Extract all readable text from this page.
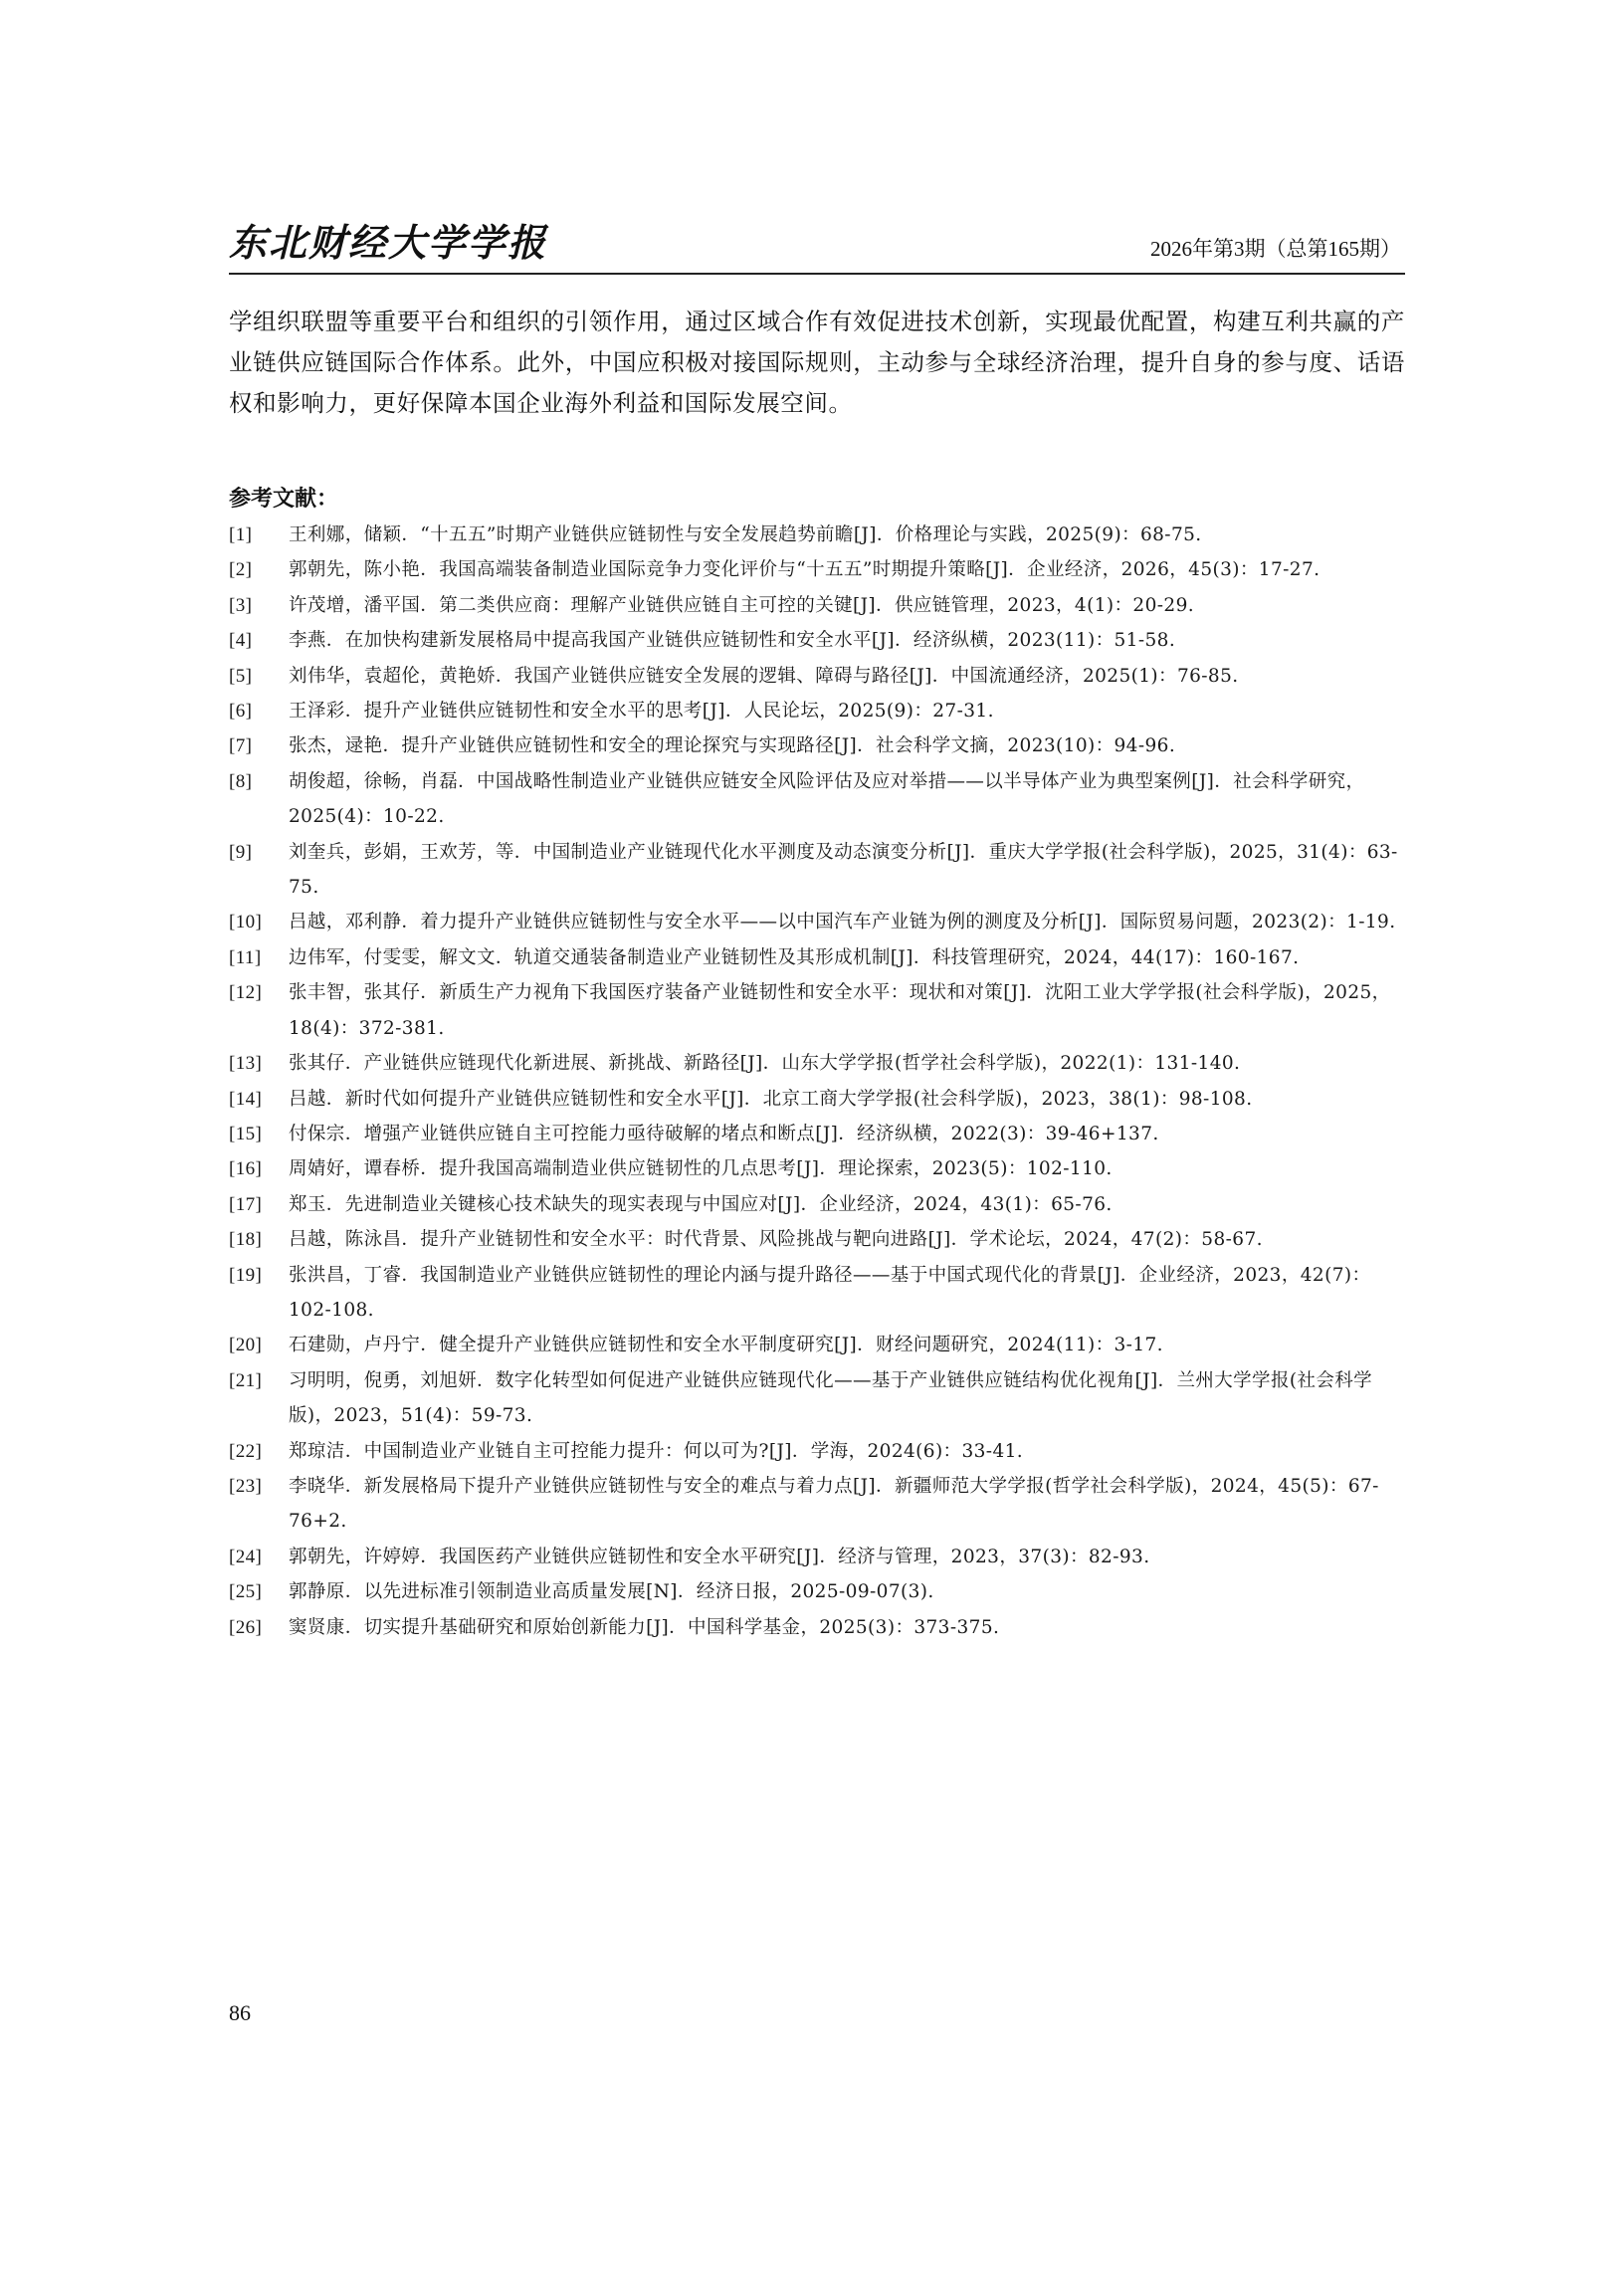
东北财经大学学报	2026年第3期（总第165期）

学组织联盟等重要平台和组织的引领作用，通过区域合作有效促进技术创新，实现最优配置，构建互利共赢的产业链供应链国际合作体系。此外，中国应积极对接国际规则，主动参与全球经济治理，提升自身的参与度、话语权和影响力，更好保障本国企业海外利益和国际发展空间。

参考文献：
[1] 王利娜，储颖．“十五五”时期产业链供应链韧性与安全发展趋势前瞻[J]．价格理论与实践，2025(9)：68-75.
[2] 郭朝先，陈小艳．我国高端装备制造业国际竞争力变化评价与“十五五”时期提升策略[J]．企业经济，2026，45(3)：17-27.
[3] 许茂增，潘平国．第二类供应商：理解产业链供应链自主可控的关键[J]．供应链管理，2023，4(1)：20-29.
[4] 李燕．在加快构建新发展格局中提高我国产业链供应链韧性和安全水平[J]．经济纵横，2023(11)：51-58.
[5] 刘伟华，袁超伦，黄艳娇．我国产业链供应链安全发展的逻辑、障碍与路径[J]．中国流通经济，2025(1)：76-85.
[6] 王泽彩．提升产业链供应链韧性和安全水平的思考[J]．人民论坛，2025(9)：27-31.
[7] 张杰，逯艳．提升产业链供应链韧性和安全的理论探究与实现路径[J]．社会科学文摘，2023(10)：94-96.
[8] 胡俊超，徐畅，肖磊．中国战略性制造业产业链供应链安全风险评估及应对举措——以半导体产业为典型案例[J]．社会科学研究，2025(4)：10-22.
[9] 刘奎兵，彭娟，王欢芳，等．中国制造业产业链现代化水平测度及动态演变分析[J]．重庆大学学报(社会科学版)，2025，31(4)：63-75.
[10] 吕越，邓利静．着力提升产业链供应链韧性与安全水平——以中国汽车产业链为例的测度及分析[J]．国际贸易问题，2023(2)：1-19.
[11] 边伟军，付雯雯，解文文．轨道交通装备制造业产业链韧性及其形成机制[J]．科技管理研究，2024，44(17)：160-167.
[12] 张丰智，张其仔．新质生产力视角下我国医疗装备产业链韧性和安全水平：现状和对策[J]．沈阳工业大学学报(社会科学版)，2025，18(4)：372-381.
[13] 张其仔．产业链供应链现代化新进展、新挑战、新路径[J]．山东大学学报(哲学社会科学版)，2022(1)：131-140.
[14] 吕越．新时代如何提升产业链供应链韧性和安全水平[J]．北京工商大学学报(社会科学版)，2023，38(1)：98-108.
[15] 付保宗．增强产业链供应链自主可控能力亟待破解的堵点和断点[J]．经济纵横，2022(3)：39-46+137.
[16] 周婧好，谭春桥．提升我国高端制造业供应链韧性的几点思考[J]．理论探索，2023(5)：102-110.
[17] 郑玉．先进制造业关键核心技术缺失的现实表现与中国应对[J]．企业经济，2024，43(1)：65-76.
[18] 吕越，陈泳昌．提升产业链韧性和安全水平：时代背景、风险挑战与靶向进路[J]．学术论坛，2024，47(2)：58-67.
[19] 张洪昌，丁睿．我国制造业产业链供应链韧性的理论内涵与提升路径——基于中国式现代化的背景[J]．企业经济，2023，42(7)：102-108.
[20] 石建勋，卢丹宁．健全提升产业链供应链韧性和安全水平制度研究[J]．财经问题研究，2024(11)：3-17.
[21] 习明明，倪勇，刘旭妍．数字化转型如何促进产业链供应链现代化——基于产业链供应链结构优化视角[J]．兰州大学学报(社会科学版)，2023，51(4)：59-73.
[22] 郑琼洁．中国制造业产业链自主可控能力提升：何以可为?[J]．学海，2024(6)：33-41.
[23] 李晓华．新发展格局下提升产业链供应链韧性与安全的难点与着力点[J]．新疆师范大学学报(哲学社会科学版)，2024，45(5)：67-76+2.
[24] 郭朝先，许婷婷．我国医药产业链供应链韧性和安全水平研究[J]．经济与管理，2023，37(3)：82-93.
[25] 郭静原．以先进标准引领制造业高质量发展[N]．经济日报，2025-09-07(3).
[26] 窦贤康．切实提升基础研究和原始创新能力[J]．中国科学基金，2025(3)：373-375.
86
